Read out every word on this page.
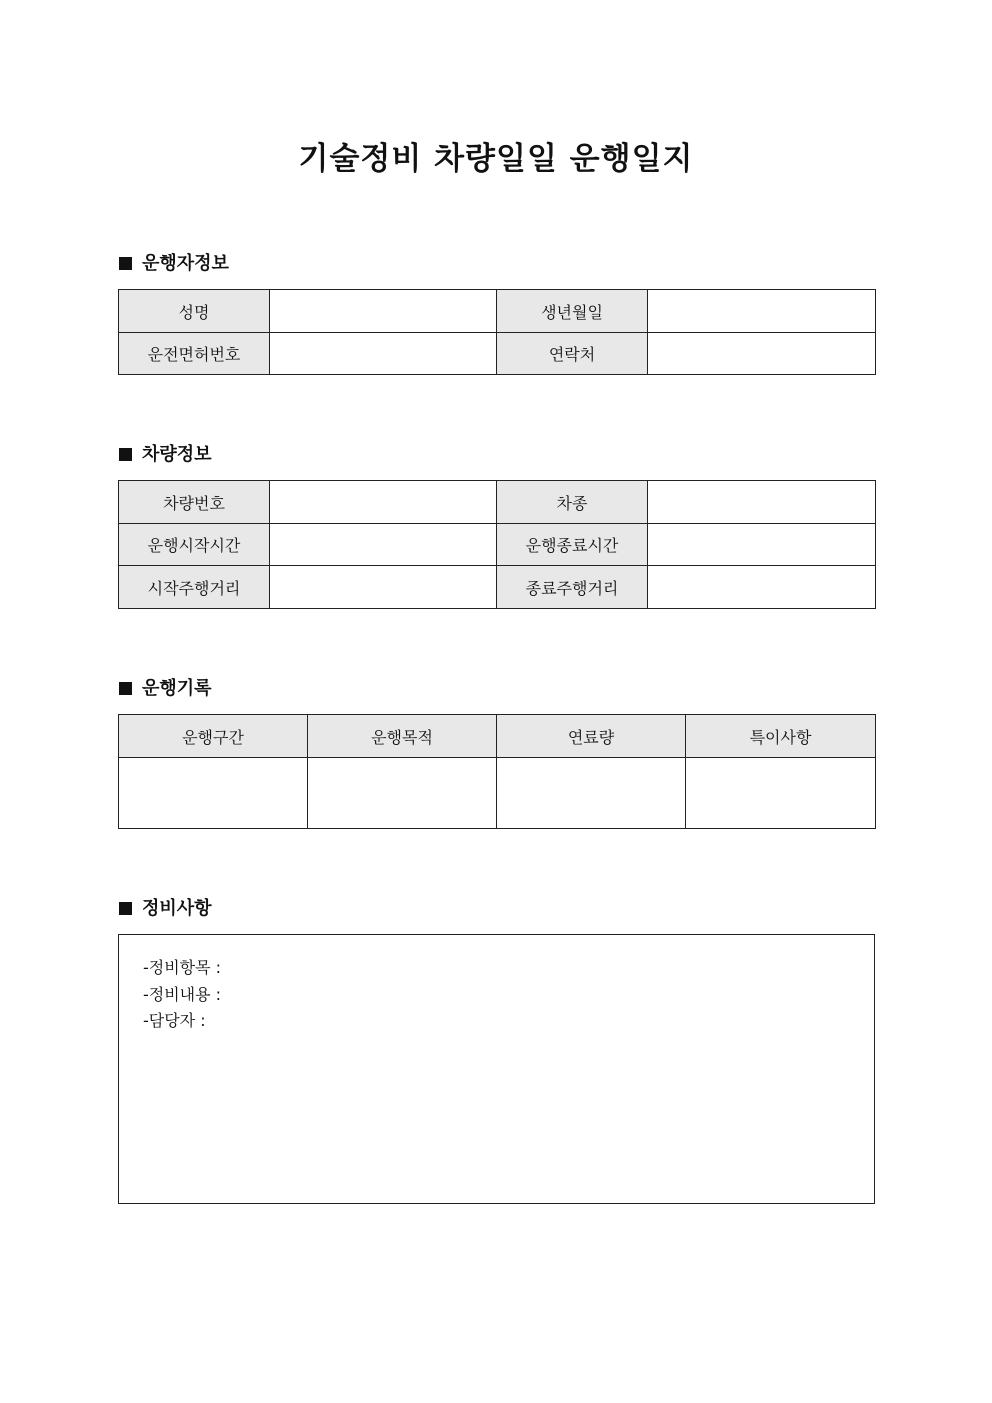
기술정비 차량일일 운행일지
운행자정보
성명		생년월일	
운전면허번호		연락처	
차량정보
차량번호		차종	
운행시작시간		운행종료시간	
시작주행거리		종료주행거리	
운행기록
운행구간	운행목적	연료량	특이사항

정비사항
-정비항목 :
-정비내용 :
-담당자 :
